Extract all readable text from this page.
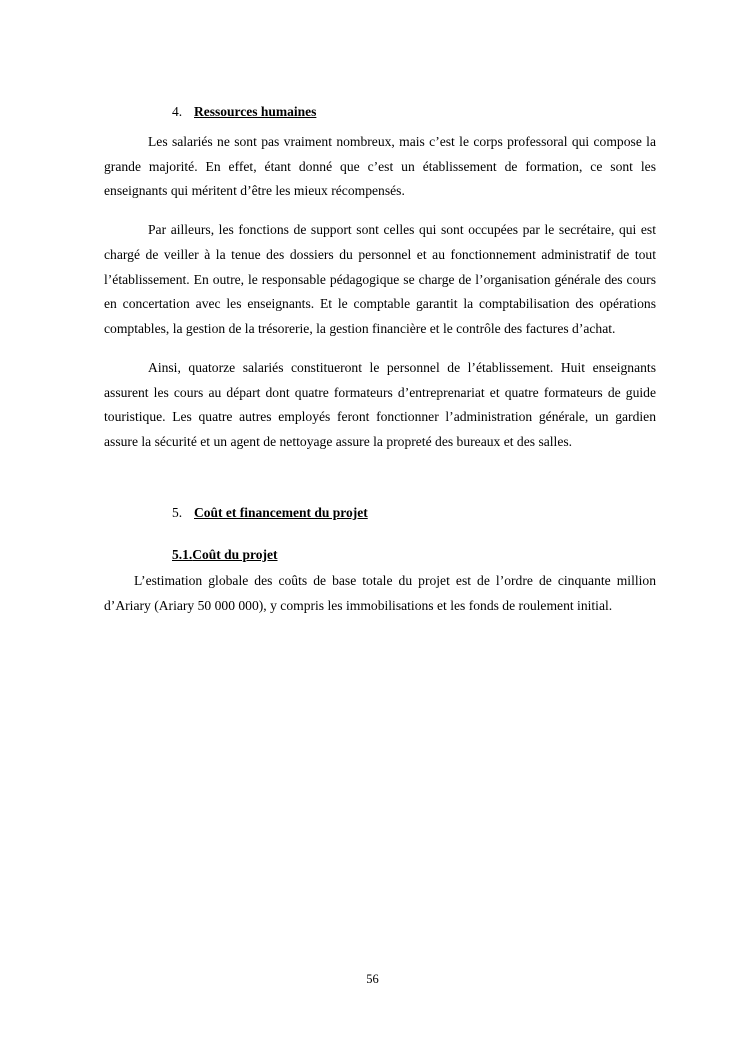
4. Ressources humaines

Les salariés ne sont pas vraiment nombreux, mais c’est le corps professoral qui compose la grande majorité. En effet, étant donné que c’est un établissement de formation, ce sont les enseignants qui méritent d’être les mieux récompensés.

Par ailleurs, les fonctions de support sont celles qui sont occupées par le secrétaire, qui est chargé de veiller à la tenue des dossiers du personnel et au fonctionnement administratif de tout l’établissement. En outre, le responsable pédagogique se charge de l’organisation générale des cours en concertation avec les enseignants. Et le comptable garantit la comptabilisation des opérations comptables, la gestion de la trésorerie, la gestion financière et le contrôle des factures d’achat.

Ainsi, quatorze salariés constitueront le personnel de l’établissement. Huit enseignants assurent les cours au départ dont quatre formateurs d’entreprenariat et quatre formateurs de guide touristique. Les quatre autres employés feront fonctionner l’administration générale, un gardien assure la sécurité et un agent de nettoyage assure la propreté des bureaux et des salles.

5. Coût et financement du projet
5.1.Coût du projet

L’estimation globale des coûts de base totale du projet est de l’ordre de cinquante million d’Ariary (Ariary 50 000 000), y compris les immobilisations et les fonds de roulement initial.

56
